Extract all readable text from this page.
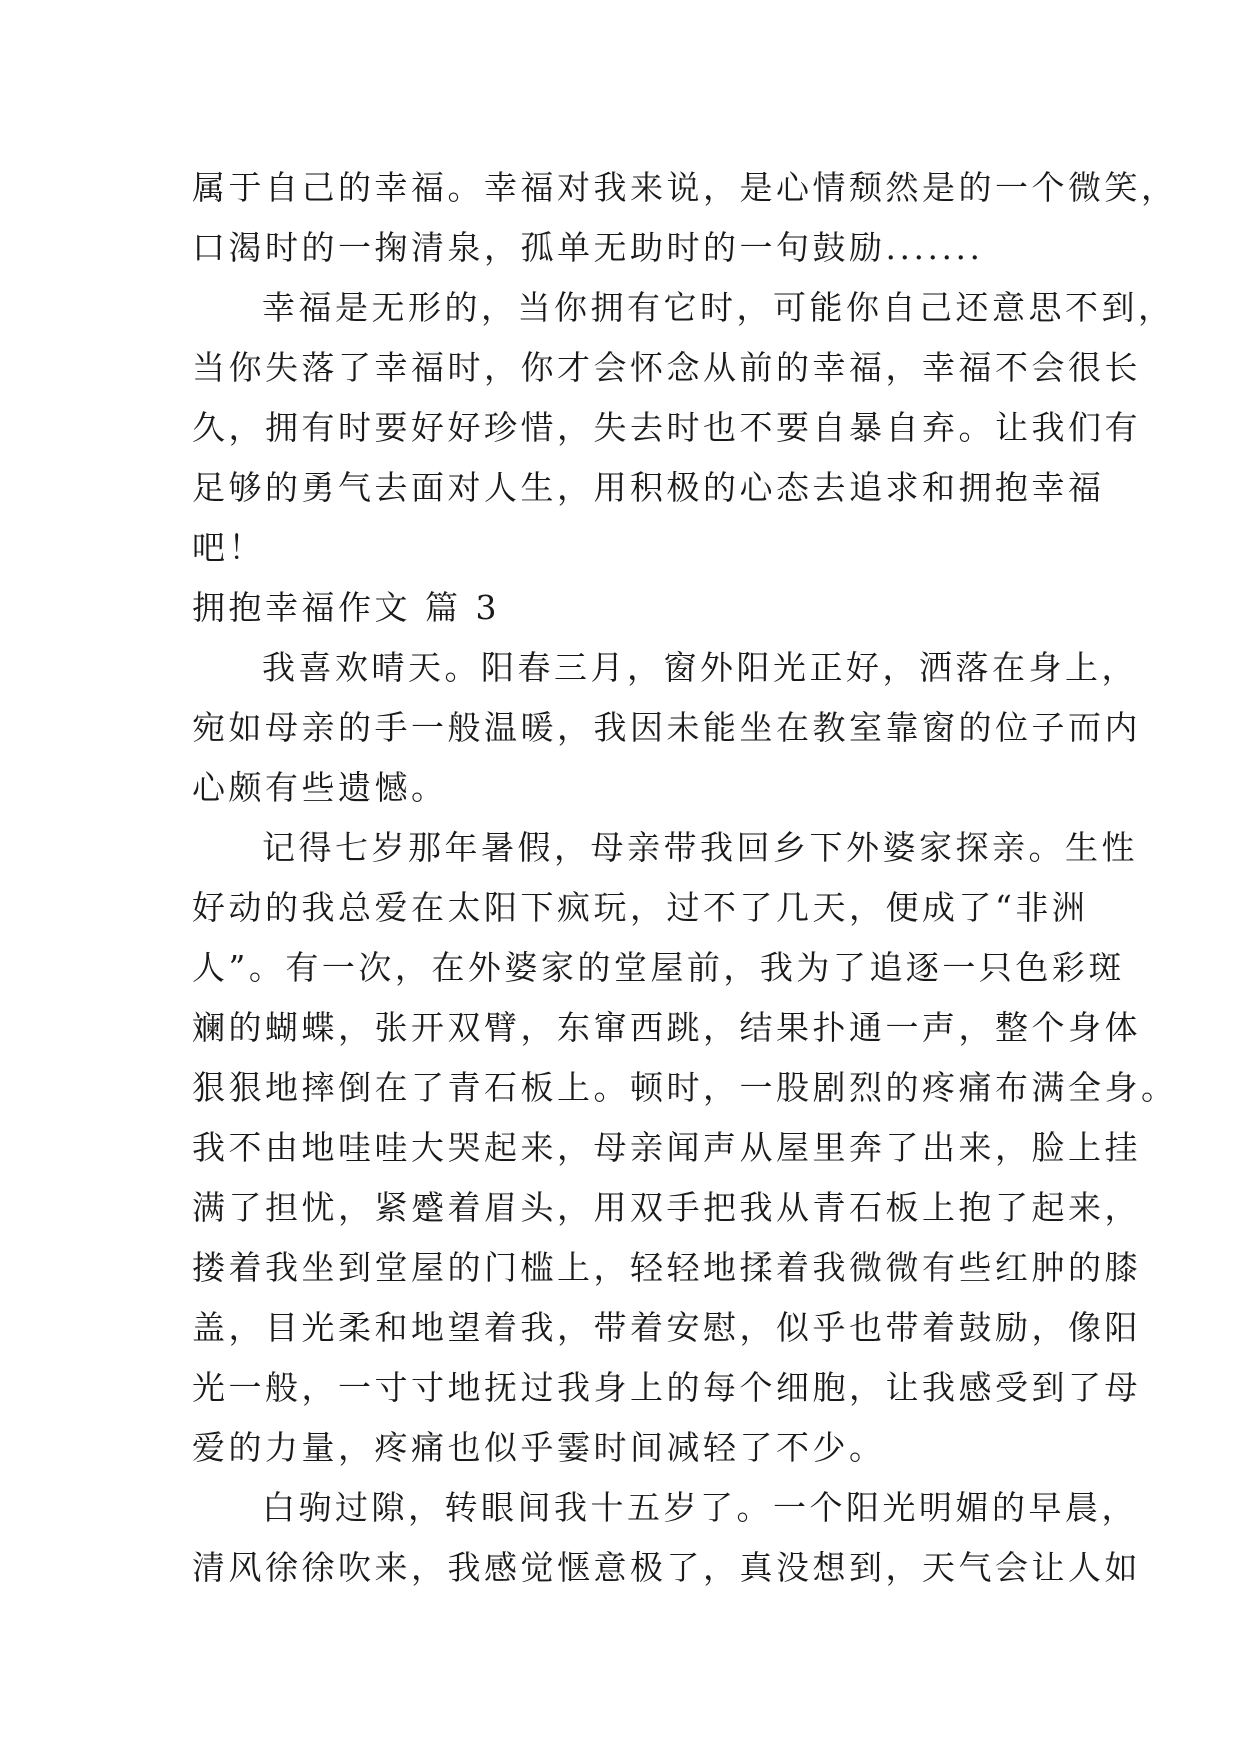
属于自己的幸福。幸福对我来说，是心情颓然是的一个微笑，
口渴时的一掬清泉，孤单无助时的一句鼓励.......
幸福是无形的，当你拥有它时，可能你自己还意思不到，
当你失落了幸福时，你才会怀念从前的幸福，幸福不会很长
久，拥有时要好好珍惜，失去时也不要自暴自弃。让我们有
足够的勇气去面对人生，用积极的心态去追求和拥抱幸福
吧！
拥抱幸福作文 篇 3
我喜欢晴天。阳春三月，窗外阳光正好，洒落在身上，
宛如母亲的手一般温暖，我因未能坐在教室靠窗的位子而内
心颇有些遗憾。
记得七岁那年暑假，母亲带我回乡下外婆家探亲。生性
好动的我总爱在太阳下疯玩，过不了几天，便成了“非洲
人”。有一次，在外婆家的堂屋前，我为了追逐一只色彩斑
斓的蝴蝶，张开双臂，东窜西跳，结果扑通一声，整个身体
狠狠地摔倒在了青石板上。顿时，一股剧烈的疼痛布满全身。
我不由地哇哇大哭起来，母亲闻声从屋里奔了出来，脸上挂
满了担忧，紧蹙着眉头，用双手把我从青石板上抱了起来，
搂着我坐到堂屋的门槛上，轻轻地揉着我微微有些红肿的膝
盖，目光柔和地望着我，带着安慰，似乎也带着鼓励，像阳
光一般，一寸寸地抚过我身上的每个细胞，让我感受到了母
爱的力量，疼痛也似乎霎时间减轻了不少。
白驹过隙，转眼间我十五岁了。一个阳光明媚的早晨，
清风徐徐吹来，我感觉惬意极了，真没想到，天气会让人如
